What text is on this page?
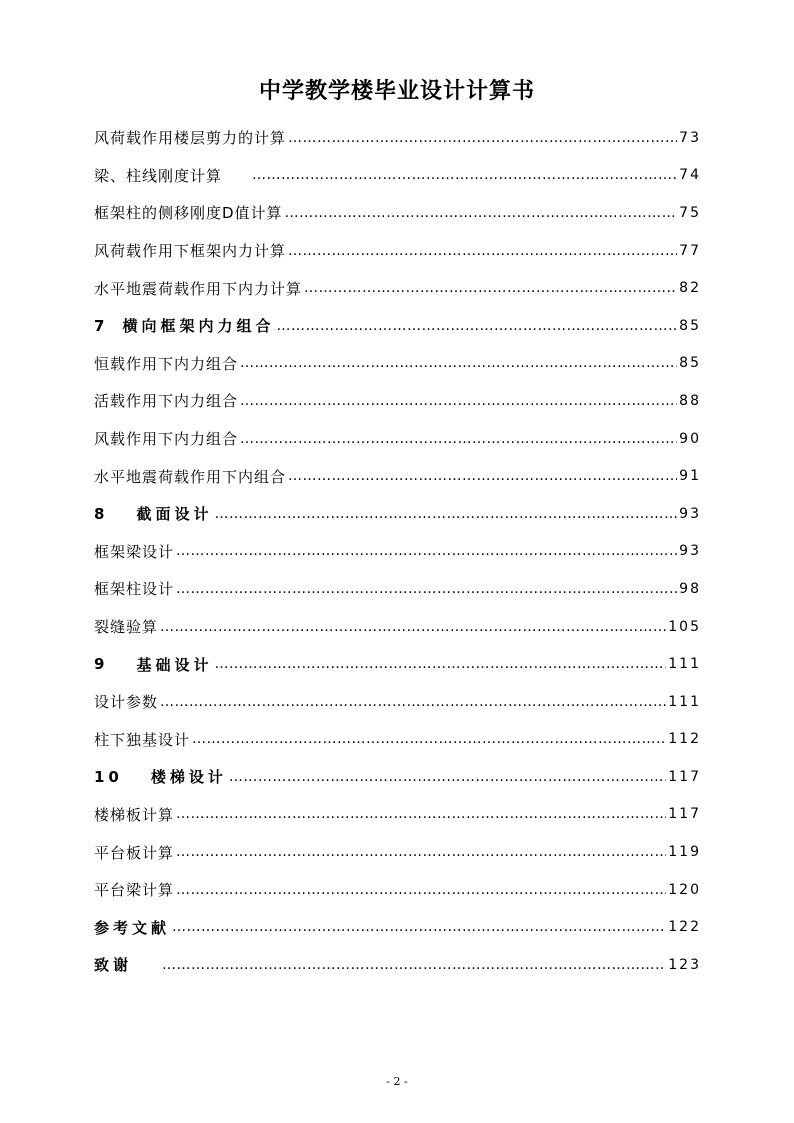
中学教学楼毕业设计计算书
风荷载作用楼层剪力的计算 …………………………………………………………………………………………………………………………	73
梁、柱线刚度计算 …………………………………………………………………………………………………………………………	74
框架柱的侧移刚度D值计算 …………………………………………………………………………………………………………………………	75
风荷载作用下框架内力计算 …………………………………………………………………………………………………………………………	77
水平地震荷载作用下内力计算 …………………………………………………………………………………………………………………………	82
7 横向框架内力组合 …………………………………………………………………………………………………………………………	85
恒载作用下内力组合 …………………………………………………………………………………………………………………………	85
活载作用下内力组合 …………………………………………………………………………………………………………………………	88
风载作用下内力组合 …………………………………………………………………………………………………………………………	90
水平地震荷载作用下内组合 …………………………………………………………………………………………………………………………	91
8 截面设计 …………………………………………………………………………………………………………………………	93
框架梁设计 …………………………………………………………………………………………………………………………	93
框架柱设计 …………………………………………………………………………………………………………………………	98
裂缝验算 …………………………………………………………………………………………………………………………	105
9 基础设计 …………………………………………………………………………………………………………………………	111
设计参数 …………………………………………………………………………………………………………………………	111
柱下独基设计 …………………………………………………………………………………………………………………………	112
10 楼梯设计 …………………………………………………………………………………………………………………………	117
楼梯板计算 …………………………………………………………………………………………………………………………	117
平台板计算 …………………………………………………………………………………………………………………………	119
平台梁计算 …………………………………………………………………………………………………………………………	120
参考文献 …………………………………………………………………………………………………………………………	122
致谢 …………………………………………………………………………………………………………………………	123
- 2 -
